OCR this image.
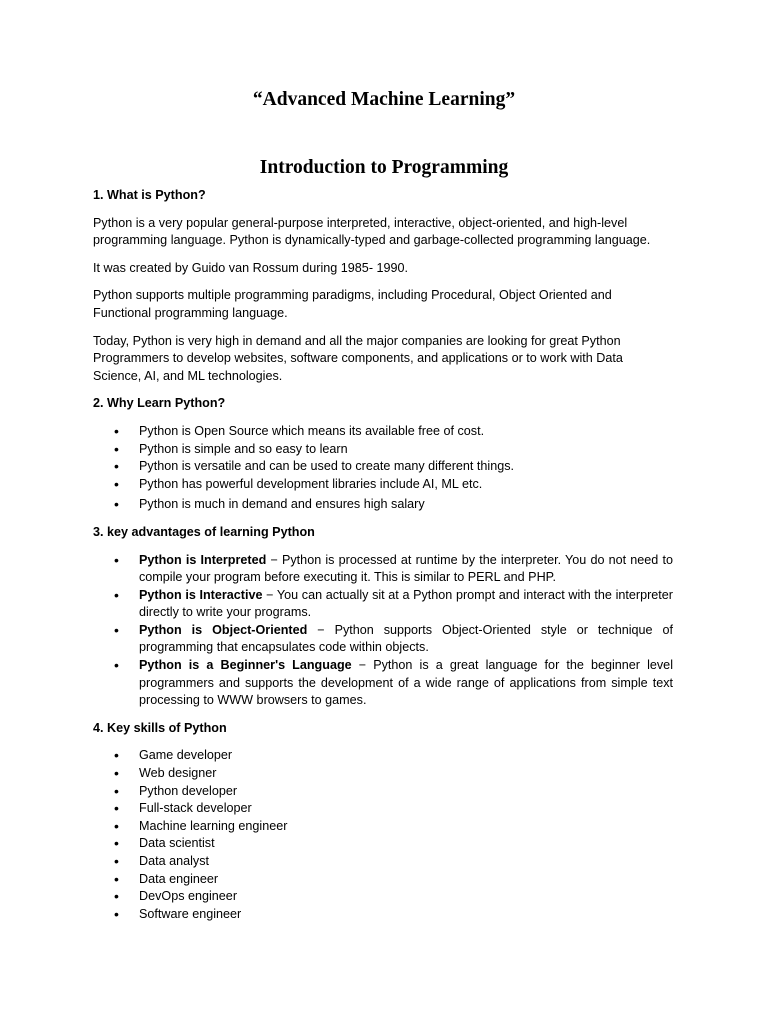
“Advanced Machine Learning”
Introduction to Programming

1. What is Python?

Python is a very popular general-purpose interpreted, interactive, object-oriented, and high-level programming language. Python is dynamically-typed and garbage-collected programming language.

It was created by Guido van Rossum during 1985- 1990.

Python supports multiple programming paradigms, including Procedural, Object Oriented and Functional programming language.

Today, Python is very high in demand and all the major companies are looking for great Python Programmers to develop websites, software components, and applications or to work with Data Science, AI, and ML technologies.

2. Why Learn Python?

• Python is Open Source which means its available free of cost.
• Python is simple and so easy to learn
• Python is versatile and can be used to create many different things.
• Python has powerful development libraries include AI, ML etc.
• Python is much in demand and ensures high salary

3. key advantages of learning Python

• Python is Interpreted − Python is processed at runtime by the interpreter. You do not need to compile your program before executing it. This is similar to PERL and PHP.
• Python is Interactive − You can actually sit at a Python prompt and interact with the interpreter directly to write your programs.
• Python is Object-Oriented − Python supports Object-Oriented style or technique of programming that encapsulates code within objects.
• Python is a Beginner's Language − Python is a great language for the beginner level programmers and supports the development of a wide range of applications from simple text processing to WWW browsers to games.

4. Key skills of Python

• Game developer
• Web designer
• Python developer
• Full-stack developer
• Machine learning engineer
• Data scientist
• Data analyst
• Data engineer
• DevOps engineer
• Software engineer
